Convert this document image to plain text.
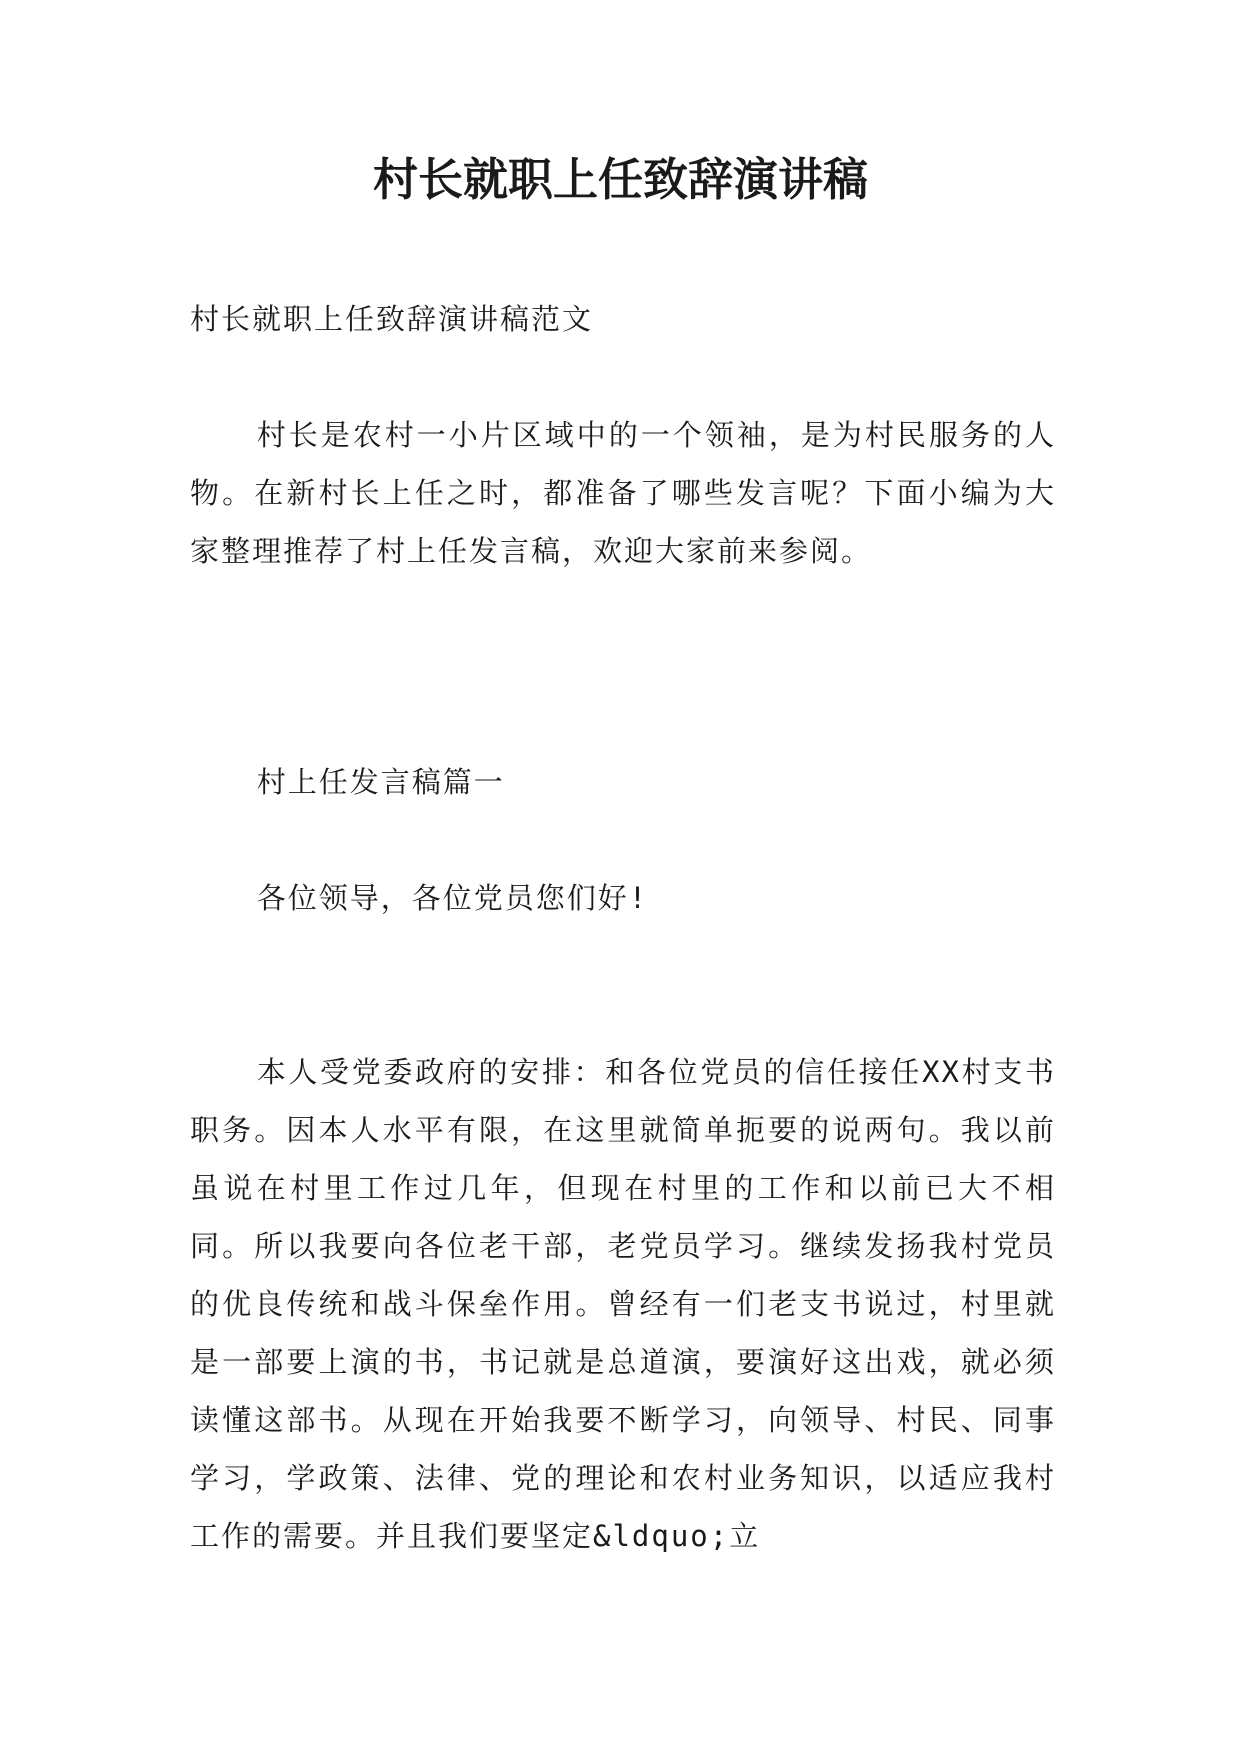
村长就职上任致辞演讲稿

村长就职上任致辞演讲稿范文

村长是农村一小片区域中的一个领袖，是为村民服务的人物。在新村长上任之时，都准备了哪些发言呢？下面小编为大家整理推荐了村上任发言稿，欢迎大家前来参阅。

村上任发言稿篇一

各位领导，各位党员您们好!

本人受党委政府的安排：和各位党员的信任接任XX村支书职务。因本人水平有限，在这里就简单扼要的说两句。我以前虽说在村里工作过几年，但现在村里的工作和以前已大不相同。所以我要向各位老干部，老党员学习。继续发扬我村党员的优良传统和战斗保垒作用。曾经有一们老支书说过，村里就是一部要上演的书，书记就是总道演，要演好这出戏，就必须读懂这部书。从现在开始我要不断学习，向领导、村民、同事学习，学政策、法律、党的理论和农村业务知识，以适应我村工作的需要。并且我们要坚定&ldquo;立
